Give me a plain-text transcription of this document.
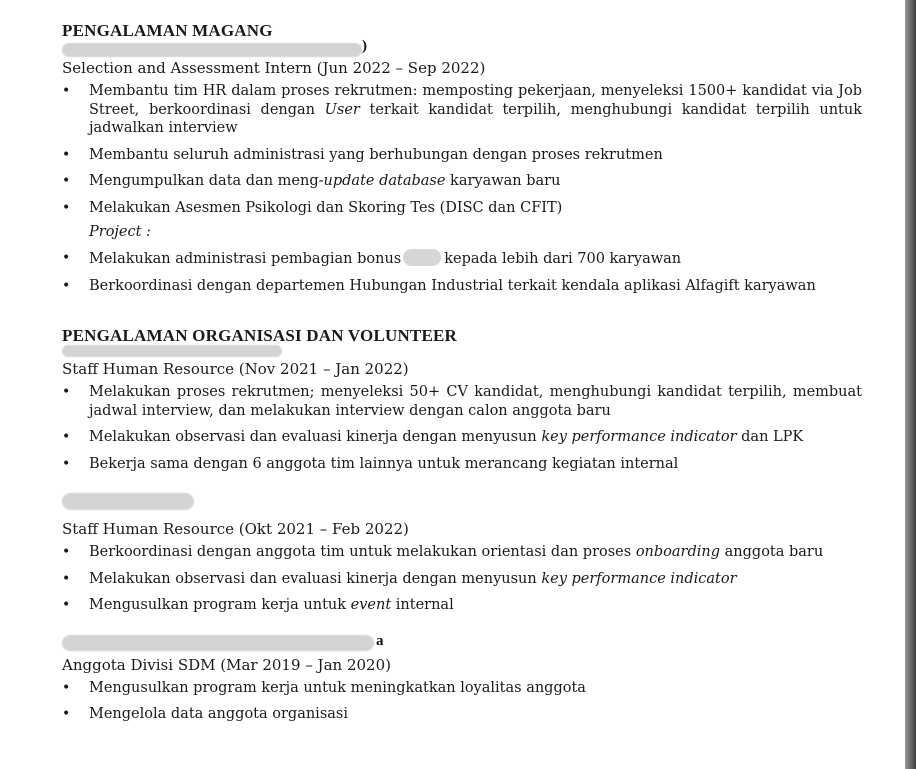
PENGALAMAN MAGANG
)

Selection and Assessment Intern (Jun 2022 – Sep 2022)

• Membantu tim HR dalam proses rekrutmen: memposting pekerjaan, menyeleksi 1500+ kandidat via Job Street, berkoordinasi dengan User terkait kandidat terpilih, menghubungi kandidat terpilih untuk jadwalkan interview
• Membantu seluruh administrasi yang berhubungan dengan proses rekrutmen
• Mengumpulkan data dan meng-update database karyawan baru
• Melakukan Asesmen Psikologi dan Skoring Tes (DISC dan CFIT)

Project :

• Melakukan administrasi pembagian bonus	kepada lebih dari 700 karyawan
• Berkoordinasi dengan departemen Hubungan Industrial terkait kendala aplikasi Alfagift karyawan
PENGALAMAN ORGANISASI DAN VOLUNTEER

Staff Human Resource (Nov 2021 – Jan 2022)

• Melakukan proses rekrutmen; menyeleksi 50+ CV kandidat, menghubungi kandidat terpilih, membuat jadwal interview, dan melakukan interview dengan calon anggota baru
• Melakukan observasi dan evaluasi kinerja dengan menyusun key performance indicator dan LPK
• Bekerja sama dengan 6 anggota tim lainnya untuk merancang kegiatan internal

Staff Human Resource (Okt 2021 – Feb 2022)

• Berkoordinasi dengan anggota tim untuk melakukan orientasi dan proses onboarding anggota baru
• Melakukan observasi dan evaluasi kinerja dengan menyusun key performance indicator
• Mengusulkan program kerja untuk event internal
a

Anggota Divisi SDM (Mar 2019 – Jan 2020)

• Mengusulkan program kerja untuk meningkatkan loyalitas anggota
• Mengelola data anggota organisasi
